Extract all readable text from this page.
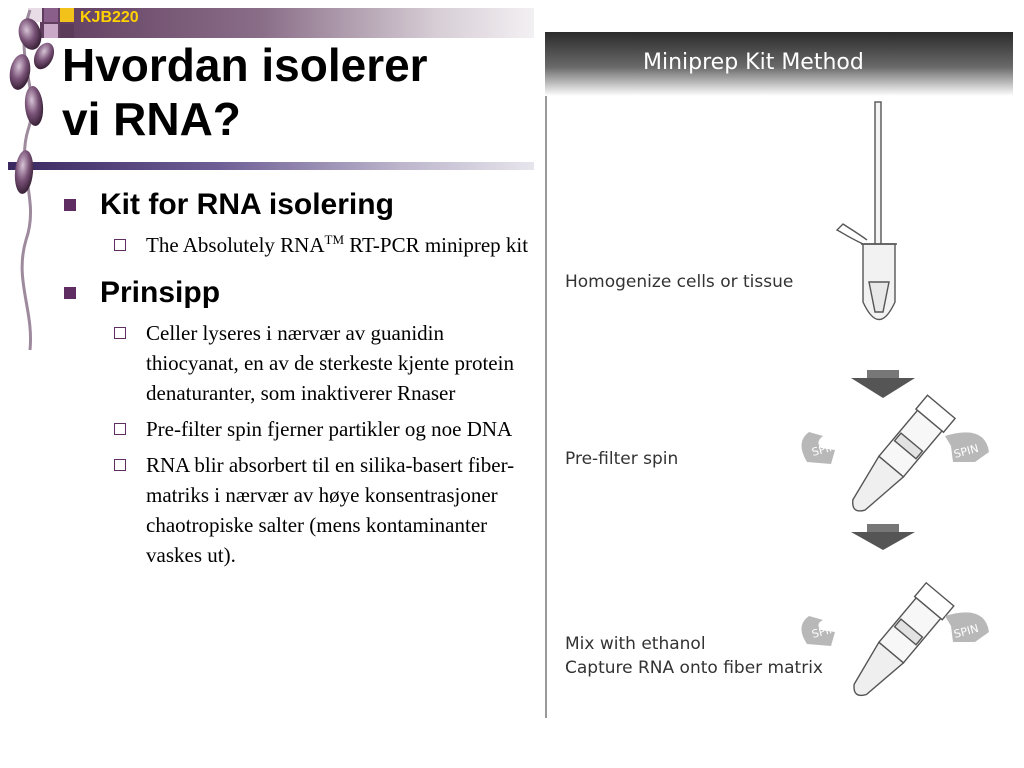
KJB220
Hvordan isolerer
vi RNA?
Kit for RNA isolering
The Absolutely RNA™ RT-PCR miniprep kit
Prinsipp
Celler lyseres i nærvær av guanidin thiocyanat, en av de sterkeste kjente protein denaturanter, som inaktiverer Rnaser
Pre-filter spin fjerner partikler og noe DNA
RNA blir absorbert til en silika-basert fiber-matriks i nærvær av høye konsentrasjoner chaotropiske salter (mens kontaminanter vaskes ut).
Miniprep Kit Method
SPIN	SPIN
SPIN	SPIN
Homogenize cells or tissue
Pre-filter spin
Mix with ethanol
Capture RNA onto fiber matrix
